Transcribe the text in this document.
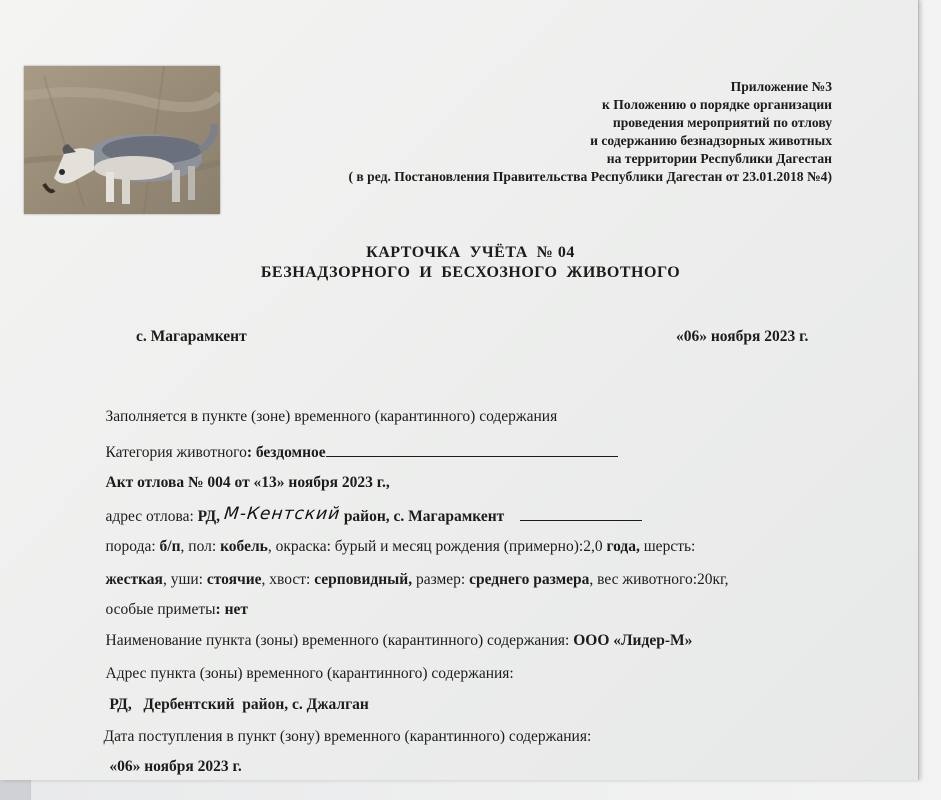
Приложение №3
к Положению о порядке организации
проведения мероприятий по отлову
и содержанию безнадзорных животных
на территории Республики Дагестан
( в ред. Постановления Правительства Республики Дагестан от 23.01.2018 №4)
КАРТОЧКА  УЧЁТА  № 04
БЕЗНАДЗОРНОГО  И  БЕСХОЗНОГО  ЖИВОТНОГО
с. Магарамкент	«06» ноября 2023 г.

Заполняется в пункте (зоне) временного (карантинного) содержания

Категория животного: бездомное

Акт отлова № 004 от «13» ноября 2023 г.,

адрес отлова: РД, М-Кентский район, с. Магарамкент

порода: б/п, пол: кобель, окраска: бурый и месяц рождения (примерно):2,0 года, шерсть:

жесткая, уши: стоячие, хвост: серповидный, размер: среднего размера, вес животного:20кг,

особые приметы: нет

Наименование пункта (зоны) временного (карантинного) содержания: ООО «Лидер-М»

Адрес пункта (зоны) временного (карантинного) содержания:

РД,   Дербентский  район, с. Джалган

Дата поступления в пункт (зону) временного (карантинного) содержания:

«06» ноября 2023 г.
